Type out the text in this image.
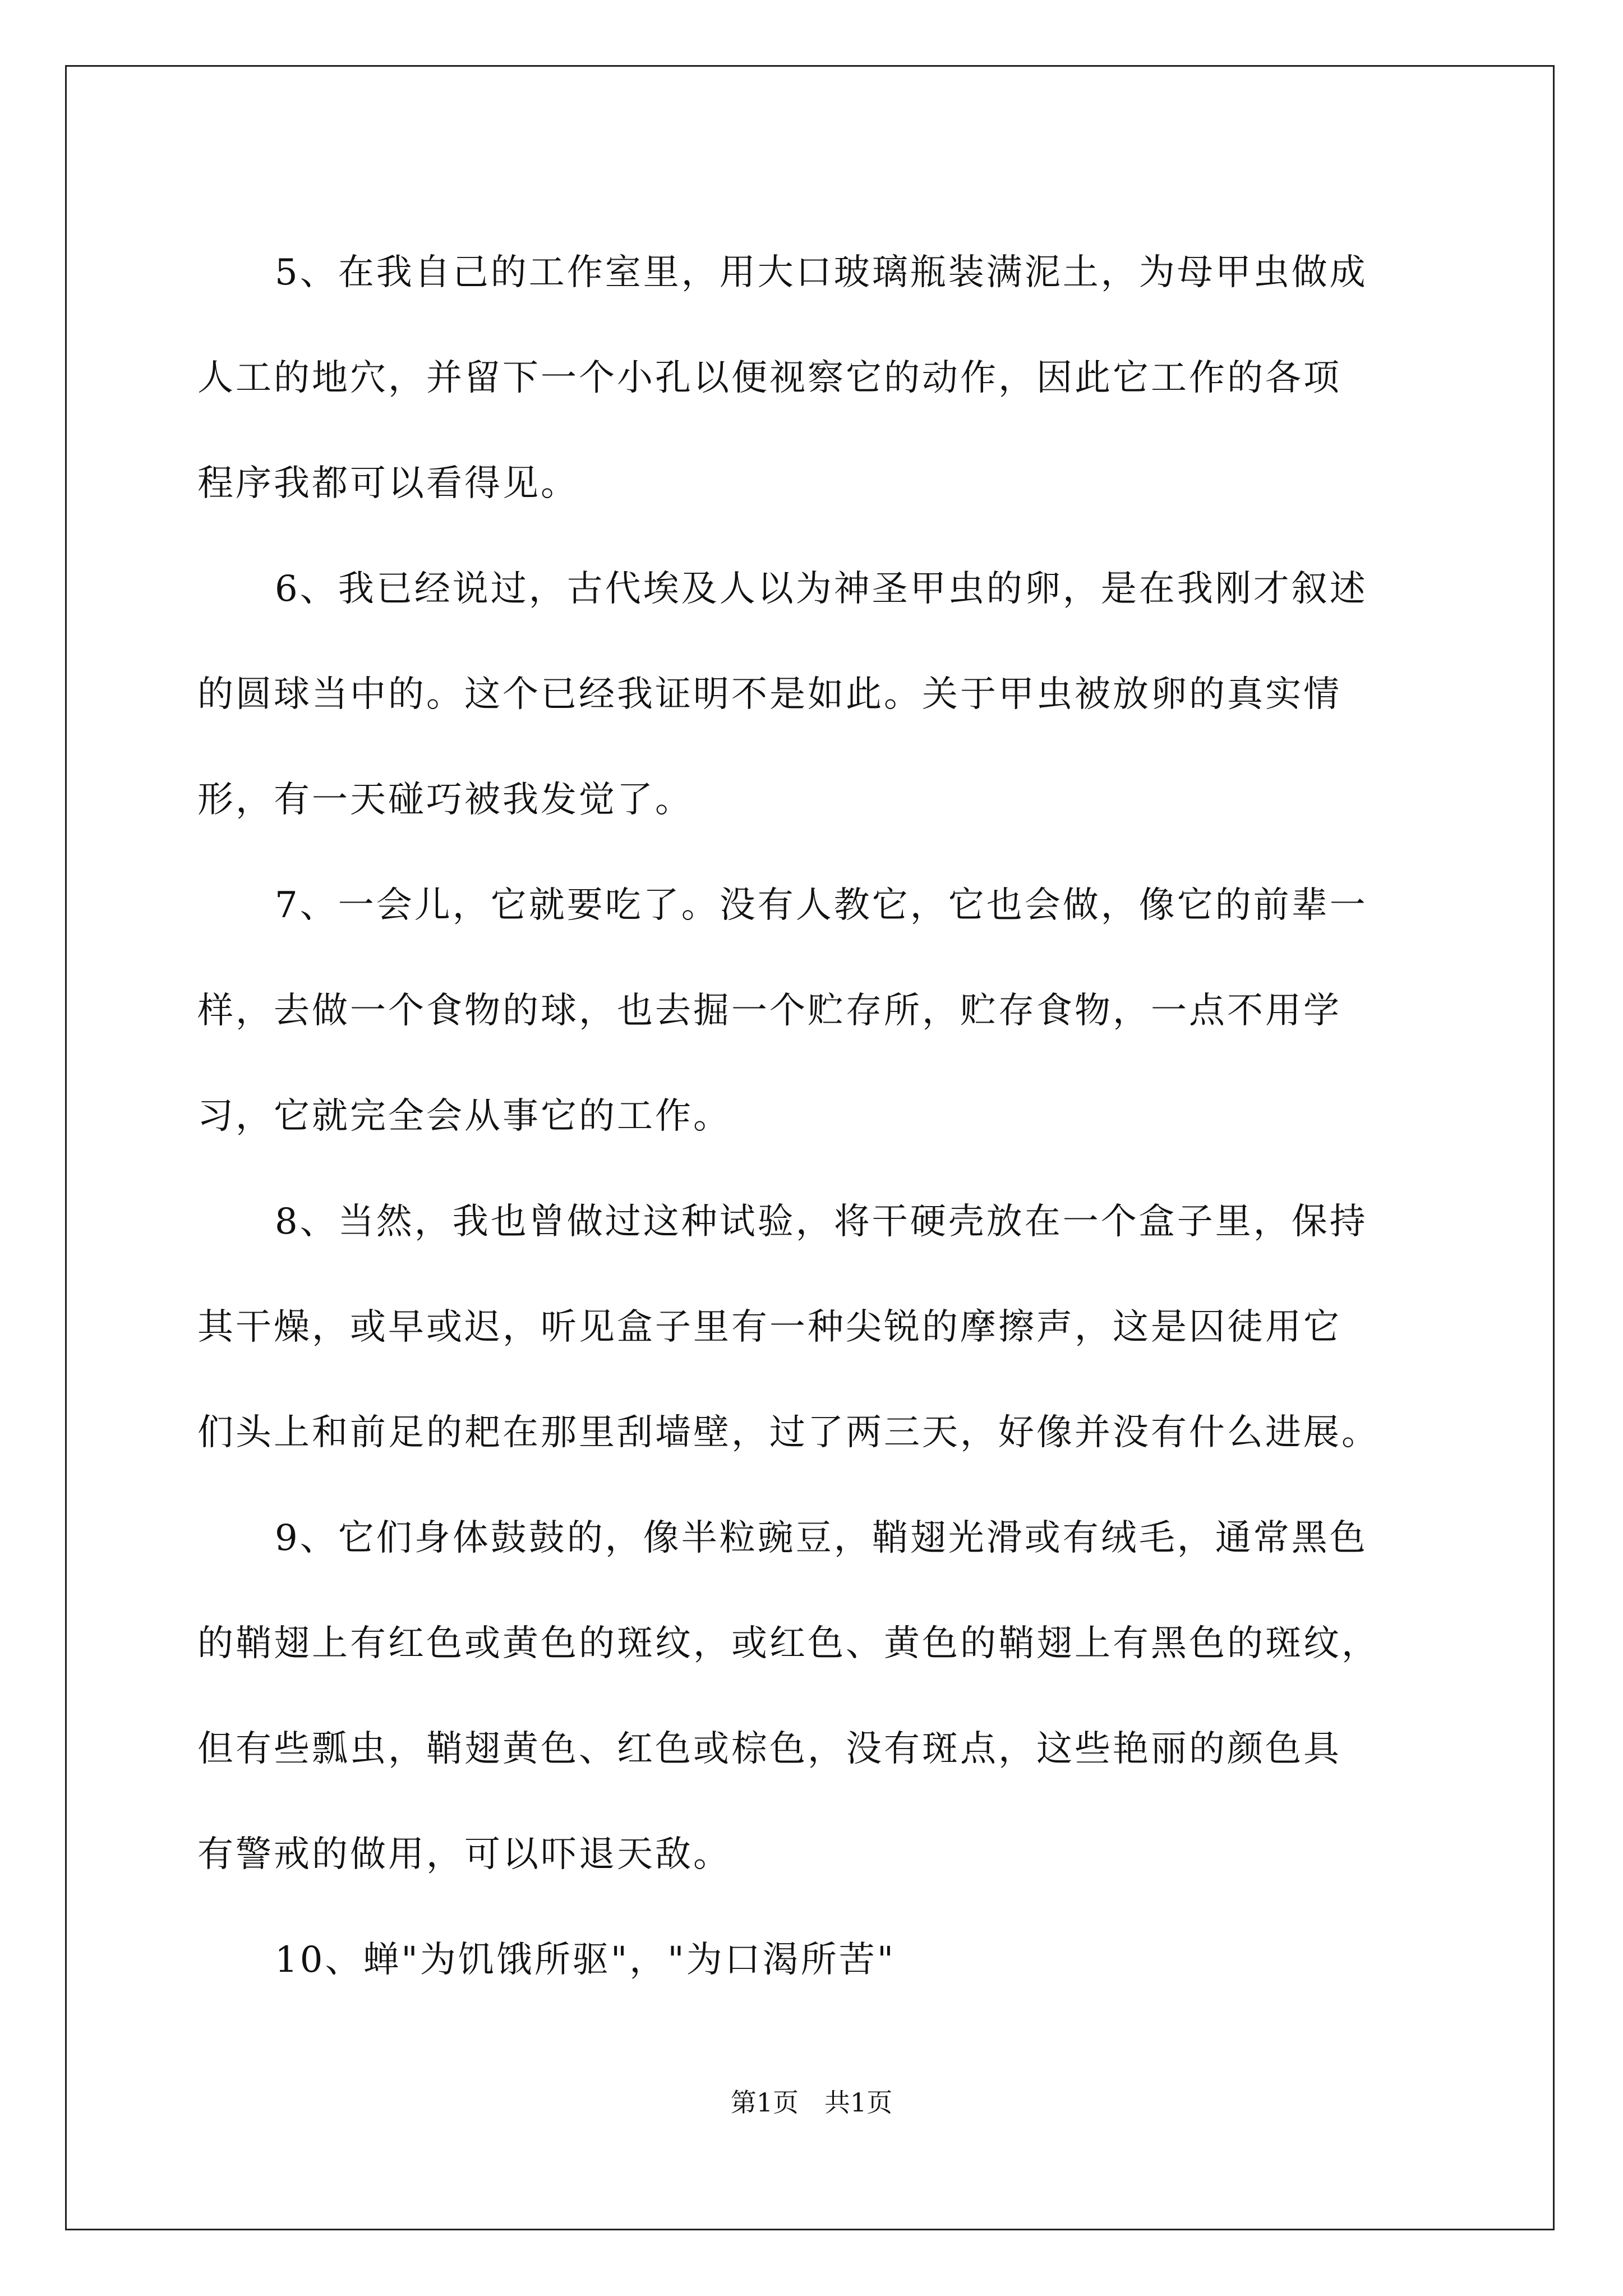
5、在我自己的工作室里，用大口玻璃瓶装满泥土，为母甲虫做成
人工的地穴，并留下一个小孔以便视察它的动作，因此它工作的各项
程序我都可以看得见。
6、我已经说过，古代埃及人以为神圣甲虫的卵，是在我刚才叙述
的圆球当中的。这个已经我证明不是如此。关于甲虫被放卵的真实情
形，有一天碰巧被我发觉了。
7、一会儿，它就要吃了。没有人教它，它也会做，像它的前辈一
样，去做一个食物的球，也去掘一个贮存所，贮存食物，一点不用学
习，它就完全会从事它的工作。
8、当然，我也曾做过这种试验，将干硬壳放在一个盒子里，保持
其干燥，或早或迟，听见盒子里有一种尖锐的摩擦声，这是囚徒用它
们头上和前足的耙在那里刮墙壁，过了两三天，好像并没有什么进展。
9、它们身体鼓鼓的，像半粒豌豆，鞘翅光滑或有绒毛，通常黑色
的鞘翅上有红色或黄色的斑纹，或红色、黄色的鞘翅上有黑色的斑纹，
但有些瓢虫，鞘翅黄色、红色或棕色，没有斑点，这些艳丽的颜色具
有警戒的做用，可以吓退天敌。
10、蝉"为饥饿所驱"，"为口渴所苦"
第1页　共1页
